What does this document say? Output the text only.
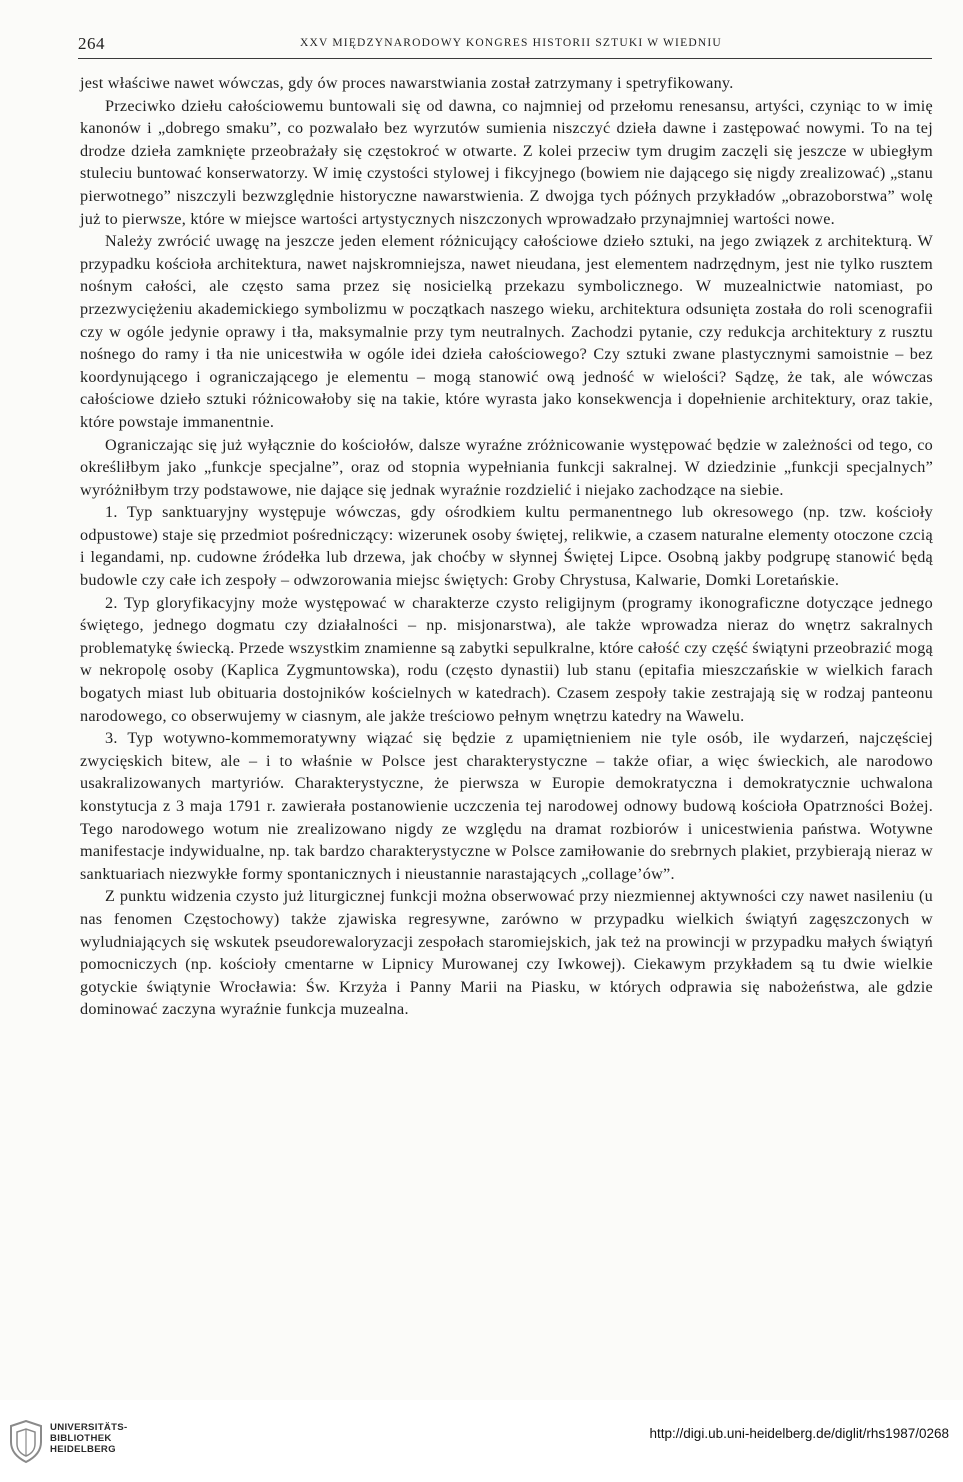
264	XXV MIĘDZYNARODOWY KONGRES HISTORII SZTUKI W WIEDNIU

jest właściwe nawet wówczas, gdy ów proces nawarstwiania został zatrzymany i spetryfikowany.

Przeciwko dziełu całościowemu buntowali się od dawna, co najmniej od przełomu renesansu, artyści, czyniąc to w imię kanonów i „dobrego smaku”, co pozwalało bez wyrzutów sumienia niszczyć dzieła dawne i zastępować nowymi. To na tej drodze dzieła zamknięte przeobrażały się częstokroć w otwarte. Z kolei przeciw tym drugim zaczęli się jeszcze w ubiegłym stuleciu buntować konserwatorzy. W imię czystości stylowej i fikcyjnego (bowiem nie dającego się nigdy zrealizować) „stanu pierwotnego” niszczyli bezwzględnie historyczne nawarstwienia. Z dwojga tych późnych przykładów „obrazoborstwa” wolę już to pierwsze, które w miejsce wartości artystycznych niszczonych wprowadzało przynajmniej wartości nowe.

Należy zwrócić uwagę na jeszcze jeden element różnicujący całościowe dzieło sztuki, na jego związek z architekturą. W przypadku kościoła architektura, nawet najskromniejsza, nawet nieudana, jest elementem nadrzędnym, jest nie tylko rusztem nośnym całości, ale często sama przez się nosicielką przekazu symbolicznego. W muzealnictwie natomiast, po przezwyciężeniu akademickiego symbolizmu w początkach naszego wieku, architektura odsunięta została do roli scenografii czy w ogóle jedynie oprawy i tła, maksymalnie przy tym neutralnych. Zachodzi pytanie, czy redukcja architektury z rusztu nośnego do ramy i tła nie unicestwiła w ogóle idei dzieła całościowego? Czy sztuki zwane plastycznymi samoistnie – bez koordynującego i ograniczającego je elementu – mogą stanowić ową jedność w wielości? Sądzę, że tak, ale wówczas całościowe dzieło sztuki różnicowałoby się na takie, które wyrasta jako konsekwencja i dopełnienie architektury, oraz takie, które powstaje immanentnie.

Ograniczając się już wyłącznie do kościołów, dalsze wyraźne zróżnicowanie występować będzie w zależności od tego, co określiłbym jako „funkcje specjalne”, oraz od stopnia wypełniania funkcji sakralnej. W dziedzinie „funkcji specjalnych” wyróżniłbym trzy podstawowe, nie dające się jednak wyraźnie rozdzielić i niejako zachodzące na siebie.

1. Typ sanktuaryjny występuje wówczas, gdy ośrodkiem kultu permanentnego lub okresowego (np. tzw. kościoły odpustowe) staje się przedmiot pośredniczący: wizerunek osoby świętej, relikwie, a czasem naturalne elementy otoczone czcią i legandami, np. cudowne źródełka lub drzewa, jak choćby w słynnej Świętej Lipce. Osobną jakby podgrupę stanowić będą budowle czy całe ich zespoły – odwzorowania miejsc świętych: Groby Chrystusa, Kalwarie, Domki Loretańskie.

2. Typ gloryfikacyjny może występować w charakterze czysto religijnym (programy ikonograficzne dotyczące jednego świętego, jednego dogmatu czy działalności – np. misjonarstwa), ale także wprowadza nieraz do wnętrz sakralnych problematykę świecką. Przede wszystkim znamienne są zabytki sepulkralne, które całość czy część świątyni przeobrazić mogą w nekropolę osoby (Kaplica Zygmuntowska), rodu (często dynastii) lub stanu (epitafia mieszczańskie w wielkich farach bogatych miast lub obituaria dostojników kościelnych w katedrach). Czasem zespoły takie zestrajają się w rodzaj panteonu narodowego, co obserwujemy w ciasnym, ale jakże treściowo pełnym wnętrzu katedry na Wawelu.

3. Typ wotywno-kommemoratywny wiązać się będzie z upamiętnieniem nie tyle osób, ile wydarzeń, najczęściej zwycięskich bitew, ale – i to właśnie w Polsce jest charakterystyczne – także ofiar, a więc świeckich, ale narodowo usakralizowanych martyriów. Charakterystyczne, że pierwsza w Europie demokratyczna i demokratycznie uchwalona konstytucja z 3 maja 1791 r. zawierała postanowienie uczczenia tej narodowej odnowy budową kościoła Opatrzności Bożej. Tego narodowego wotum nie zrealizowano nigdy ze względu na dramat rozbiorów i unicestwienia państwa. Wotywne manifestacje indywidualne, np. tak bardzo charakterystyczne w Polsce zamiłowanie do srebrnych plakiet, przybierają nieraz w sanktuariach niezwykłe formy spontanicznych i nieustannie narastających „collage’ów”.

Z punktu widzenia czysto już liturgicznej funkcji można obserwować przy niezmiennej aktywności czy nawet nasileniu (u nas fenomen Częstochowy) także zjawiska regresywne, zarówno w przypadku wielkich świątyń zagęszczonych w wyludniających się wskutek pseudorewaloryzacji zespołach staromiejskich, jak też na prowincji w przypadku małych świątyń pomocniczych (np. kościoły cmentarne w Lipnicy Murowanej czy Iwkowej). Ciekawym przykładem są tu dwie wielkie gotyckie świątynie Wrocławia: Św. Krzyża i Panny Marii na Piasku, w których odprawia się nabożeństwa, ale gdzie dominować zaczyna wyraźnie funkcja muzealna.

UNIVERSITÄTS-
BIBLIOTHEK
HEIDELBERG
http://digi.ub.uni-heidelberg.de/diglit/rhs1987/0268
